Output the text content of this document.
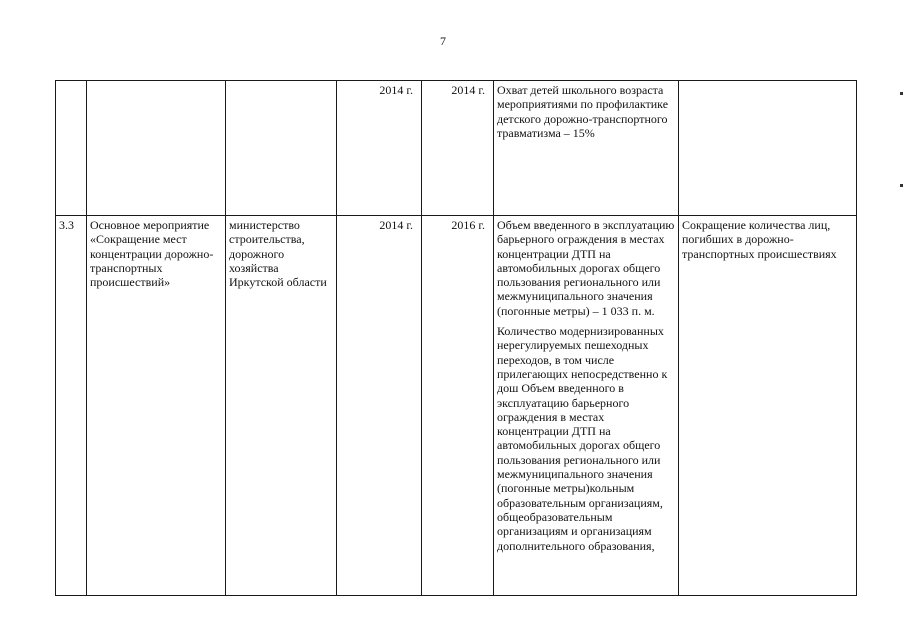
7
			2014 г.	2014 г.	Охват детей школьного возраста мероприятиями по профилактике детского дорожно-транспортного травматизма – 15%	

3.3	Основное мероприятие «Сокращение мест концентрации дорожно-транспортных происшествий»	министерство строительства, дорожного хозяйства Иркутской области	2014 г.	2016 г.	Объем введенного в эксплуатацию барьерного ограждения в местах концентрации ДТП на автомобильных дорогах общего пользования регионального или межмуниципального значения (погонные метры) – 1 033 п. м.

Количество модернизированных нерегулируемых пешеходных переходов, в том числе прилегающих непосредственно к дош Объем введенного в эксплуатацию барьерного ограждения в местах концентрации ДТП на автомобильных дорогах общего пользования регионального или межмуниципального значения (погонные метры)кольным образовательным организациям, общеобразовательным организациям и организациям дополнительного образования,	Сокращение количества лиц, погибших в дорожно-транспортных происшествиях
